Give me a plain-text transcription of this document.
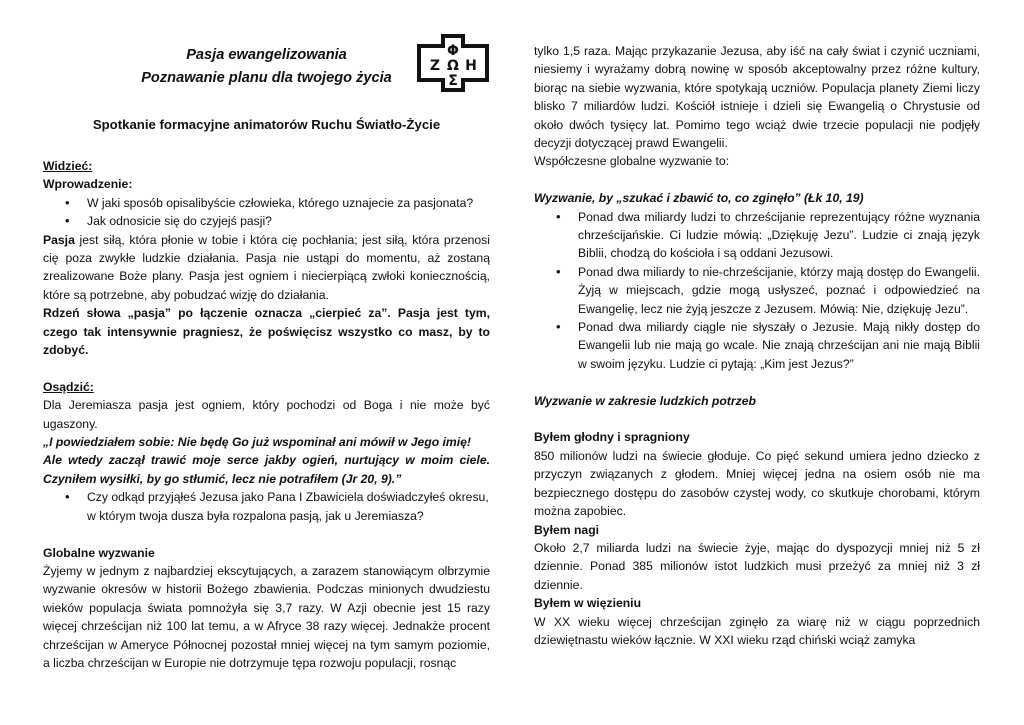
Pasja ewangelizowania
Poznawanie planu dla twojego życia
Φ
Ζ Ω Η
Σ
Spotkanie formacyjne animatorów Ruchu Światło-Życie
Widzieć:
Wprowadzenie:
• W jaki sposób opisalibyście człowieka, którego uznajecie za pasjonata?
• Jak odnosicie się do czyjejś pasji?
Pasja jest siłą, która płonie w tobie i która cię pochłania; jest siłą, która przenosi cię poza zwykłe ludzkie działania. Pasja nie ustąpi do momentu, aż zostaną zrealizowane Boże plany. Pasja jest ogniem i niecierpiącą zwłoki koniecznością, które są potrzebne, aby pobudzać wizję do działania.
Rdzeń słowa „pasja” po łączenie oznacza „cierpieć za”. Pasja jest tym, czego tak intensywnie pragniesz, że poświęcisz wszystko co masz, by to zdobyć.
Osądzić:
Dla Jeremiasza pasja jest ogniem, który pochodzi od Boga i nie może być ugaszony.
„I powiedziałem sobie: Nie będę Go już wspominał ani mówił w Jego imię!
Ale wtedy zaczął trawić moje serce jakby ogień, nurtujący w moim ciele. Czyniłem wysiłki, by go stłumić, lecz nie potrafiłem (Jr 20, 9).”
• Czy odkąd przyjąłeś Jezusa jako Pana I Zbawiciela doświadczyłeś okresu, w którym twoja dusza była rozpalona pasją, jak u Jeremiasza?
Globalne wyzwanie
Żyjemy w jednym z najbardziej ekscytujących, a zarazem stanowiącym olbrzymie wyzwanie okresów w historii Bożego zbawienia. Podczas minionych dwudziestu wieków populacja świata pomnożyła się 3,7 razy. W Azji obecnie jest 15 razy więcej chrześcijan niż 100 lat temu, a w Afryce 38 razy więcej. Jednakże procent chrześcijan w Ameryce Północnej pozostał mniej więcej na tym samym poziomie, a liczba chrześcijan w Europie nie dotrzymuje tępa rozwoju populacji, rosnąc
tylko 1,5 raza. Mając przykazanie Jezusa, aby iść na cały świat i czynić uczniami, niesiemy i wyrażamy dobrą nowinę w sposób akceptowalny przez różne kultury, biorąc na siebie wyzwania, które spotykają uczniów. Populacja planety Ziemi liczy blisko 7 miliardów ludzi. Kościół istnieje i dzieli się Ewangelią o Chrystusie od około dwóch tysięcy lat. Pomimo tego wciąż dwie trzecie populacji nie podjęły decyzji dotyczącej prawd Ewangelii.
Współczesne globalne wyzwanie to:
Wyzwanie, by „szukać i zbawić to, co zginęło” (Łk 10, 19)
• Ponad dwa miliardy ludzi to chrześcijanie reprezentujący różne wyznania chrześcijańskie. Ci ludzie mówią: „Dziękuję Jezu”. Ludzie ci znają język Biblii, chodzą do kościoła i są oddani Jezusowi.
• Ponad dwa miliardy to nie-chrześcijanie, którzy mają dostęp do Ewangelii. Żyją w miejscach, gdzie mogą usłyszeć, poznać i odpowiedzieć na Ewangelię, lecz nie żyją jeszcze z Jezusem. Mówią: Nie, dziękuję Jezu”.
• Ponad dwa miliardy ciągle nie słyszały o Jezusie. Mają nikły dostęp do Ewangelii lub nie mają go wcale. Nie znają chrześcijan ani nie mają Biblii w swoim języku. Ludzie ci pytają: „Kim jest Jezus?”
Wyzwanie w zakresie ludzkich potrzeb
Byłem głodny i spragniony
850 milionów ludzi na świecie głoduje. Co pięć sekund umiera jedno dziecko z przyczyn związanych z głodem. Mniej więcej jedna na osiem osób nie ma bezpiecznego dostępu do zasobów czystej wody, co skutkuje chorobami, którym można zapobiec.
Byłem nagi
Około 2,7 miliarda ludzi na świecie żyje, mając do dyspozycji mniej niż 5 zł dziennie. Ponad 385 milionów istot ludzkich musi przeżyć za mniej niż 3 zł dziennie.
Byłem w więzieniu
W XX wieku więcej chrześcijan zginęło za wiarę niż w ciągu poprzednich dziewiętnastu wieków łącznie. W XXI wieku rząd chiński wciąż zamyka
